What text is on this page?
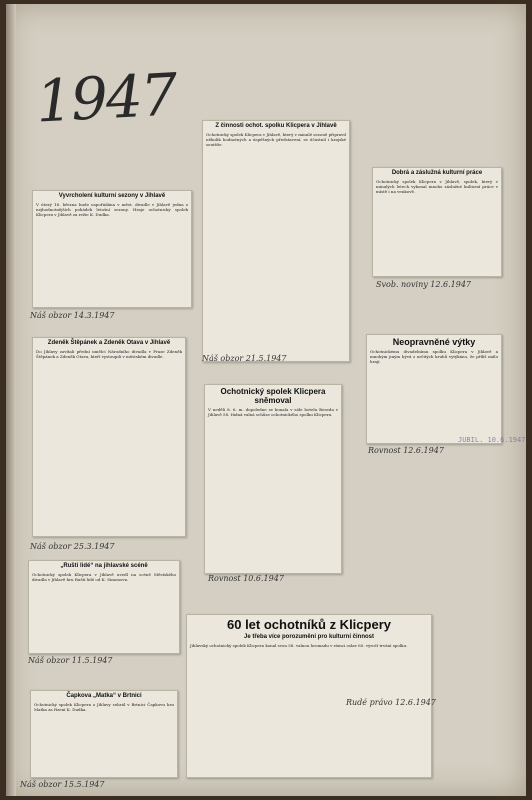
1947
Vyvrcholení kulturní sezony v Jihlavě

V úterý 18. března bude uspořádána v měst. divadle v Jihlavě jedna z nejhodnotnějších pohádek letošní sezony. Hraje ochotnický spolek Klicpera v Jihlavě za režie K. Dudka.

Náš obzor 14.3.1947
Z činnosti ochot. spolku Klicpera v Jihlavě

Ochotnický spolek Klicpera v Jihlavě, který v minulé sezoně připravil několik hodnotných a úspěšných představení, se účastnil i krajské soutěže.

Náš obzor 21.5.1947
Dobrá a záslužná kulturní práce

Ochotnický spolek Klicpera v Jihlavě, spolek, který v minulých letech vykonal mnoho záslužné kulturní práce v místě i na venkově.

Svob. noviny 12.6.1947
Zdeněk Štěpánek a Zdeněk Otava v Jihlavě

Do Jihlavy zavítali přední umělci Národního divadla v Praze Zdeněk Štěpánek a Zdeněk Otava, kteří vystoupili v městském divadle.

Náš obzor 25.3.1947
Neopravněné výtky

Ochotnickému divadelnímu spolku Klicpera v Jihlavě a mnohým jiným bývá z určitých kruhů vytýkáno, že příliš málo hrají.

JUBIL. 10.6.1947
Rovnost 12.6.1947
Ochotnický spolek Klicpera sněmoval

V neděli 8. 6. m. dopoledne se konala v sále hotelu Beseda v Jihlavě 58. řádná valná schůze ochotnického spolku Klicpera.

Rovnost 10.6.1947
„Ruští lidé“ na jihlavské scéně

Ochotnický spolek Klicpera v Jihlavě uvedl na scéně Městského divadla v Jihlavě hru Ruští lidé od K. Simonova.

Náš obzor 11.5.1947
Čapkova „Matka“ v Brtnici

Ochotnický spolek Klicpera z Jihlavy sehrál v Brtnici Čapkovu hru Matka za řízení K. Dudka.

Náš obzor 15.5.1947
60 let ochotníků z Klicpery
Je třeba více porozumění pro kulturní činnost

Jihlavský ochotnický spolek Klicpera konal svou 58. valnou hromadu v rámci oslav 60. výročí trvání spolku.

Rudé právo 12.6.1947
